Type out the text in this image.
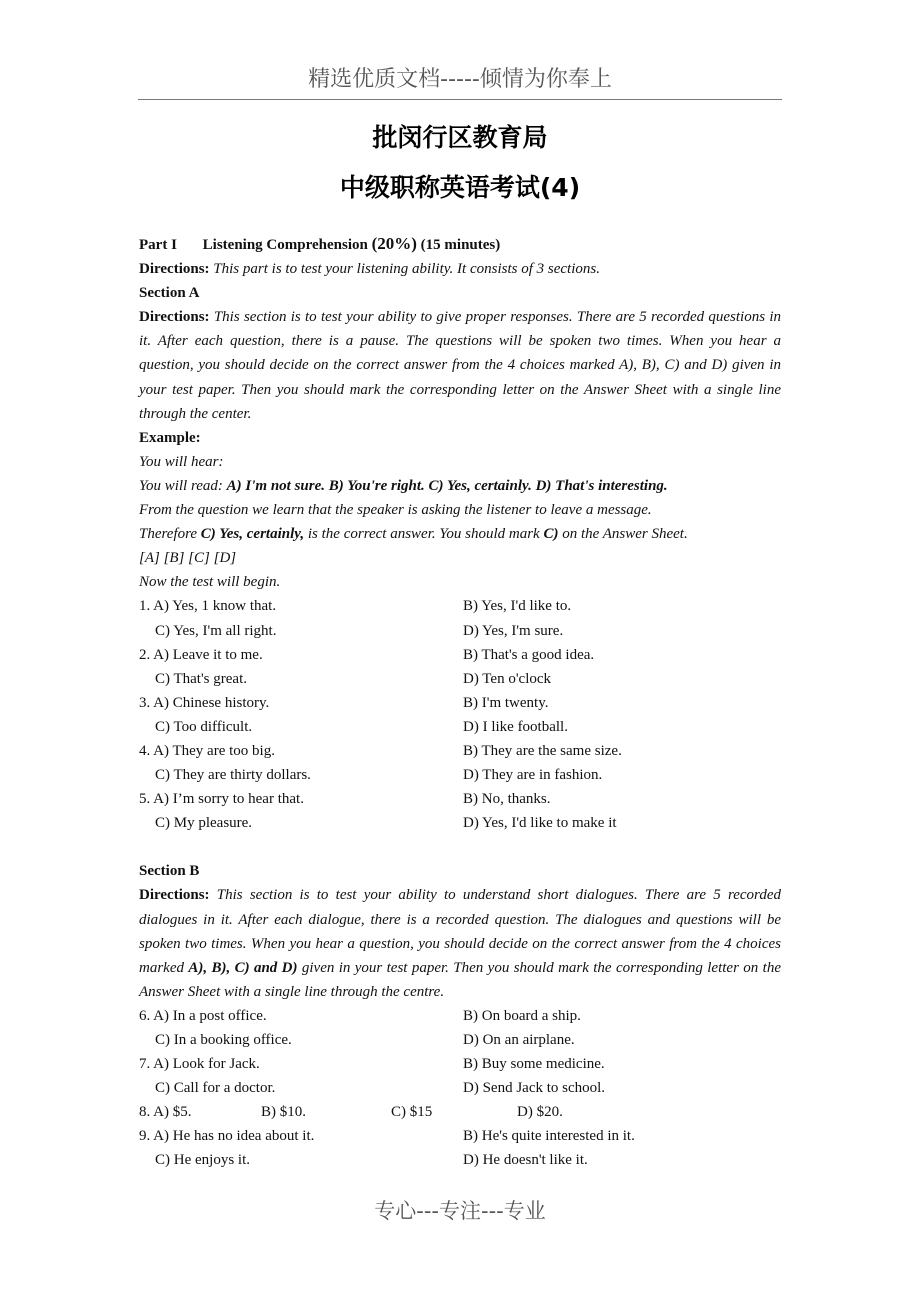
精选优质文档-----倾情为你奉上
批闵行区教育局
中级职称英语考试(4)

Part I Listening Comprehension (20%) (15 minutes)

Directions: This part is to test your listening ability. It consists of 3 sections.

Section A

Directions: This section is to test your ability to give proper responses. There are 5 recorded questions in it. After each question, there is a pause. The questions will be spoken two times. When you hear a question, you should decide on the correct answer from the 4 choices marked A), B), C) and D) given in your test paper. Then you should mark the corresponding letter on the Answer Sheet with a single line through the center.

Example:

You will hear:

You will read: A) I'm not sure. B) You're right. C) Yes, certainly. D) That's interesting.

From the question we learn that the speaker is asking the listener to leave a message.

Therefore C) Yes, certainly, is the correct answer. You should mark C) on the Answer Sheet.

[A] [B] [C] [D]

Now the test will begin.

1. A) Yes, 1 know that.	B) Yes, I'd like to.
C) Yes, I'm all right.	D) Yes, I'm sure.
2. A) Leave it to me.	B) That's a good idea.
C) That's great.	D) Ten o'clock
3. A) Chinese history.	B) I'm twenty.
C) Too difficult.	D) I like football.
4. A) They are too big.	B) They are the same size.
C) They are thirty dollars.	D) They are in fashion.
5. A) I’m sorry to hear that.	B) No, thanks.
C) My pleasure.	D) Yes, I'd like to make it

Section B

Directions: This section is to test your ability to understand short dialogues. There are 5 recorded dialogues in it. After each dialogue, there is a recorded question. The dialogues and questions will be spoken two times. When you hear a question, you should decide on the correct answer from the 4 choices marked A), B), C) and D) given in your test paper. Then you should mark the corresponding letter on the Answer Sheet with a single line through the centre.

6. A) In a post office.	B) On board a ship.
C) In a booking office.	D) On an airplane.
7. A) Look for Jack.	B) Buy some medicine.
C) Call for a doctor.	D) Send Jack to school.
8. A) $5.	B) $10.	C) $15	D) $20.
9. A) He has no idea about it.	B) He's quite interested in it.
C) He enjoys it.	D) He doesn't like it.
专心---专注---专业
